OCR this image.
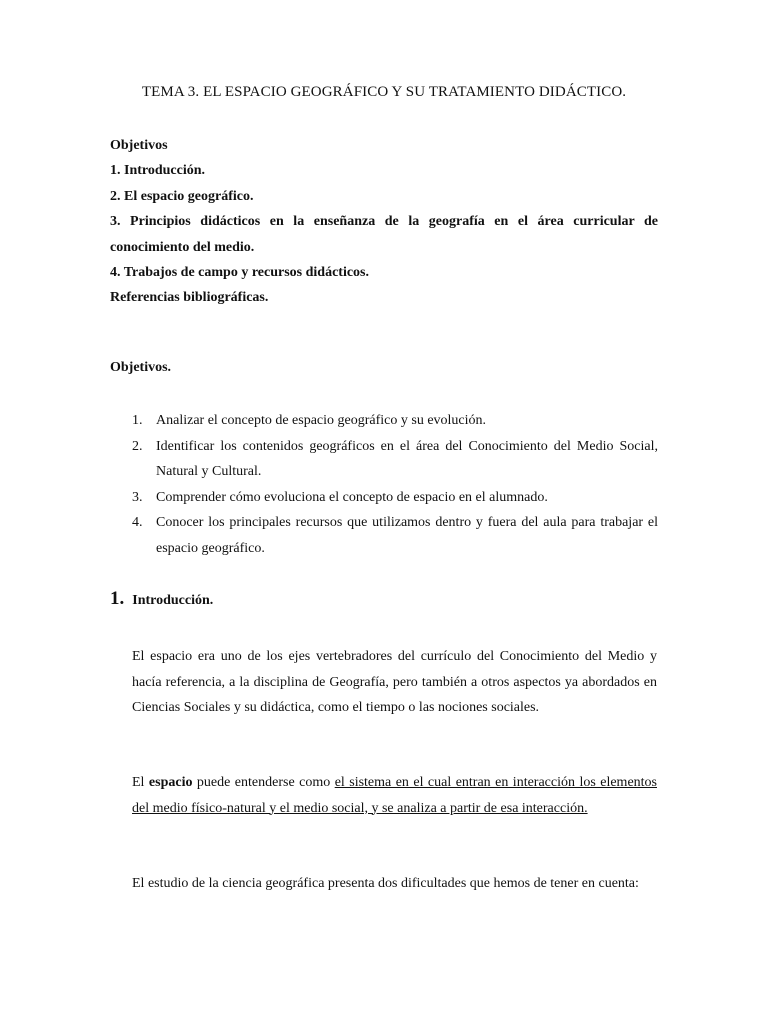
TEMA 3. EL ESPACIO GEOGRÁFICO Y SU TRATAMIENTO DIDÁCTICO.
Objetivos
1. Introducción.
2. El espacio geográfico.
3. Principios didácticos en la enseñanza de la geografía en el área curricular de
conocimiento del medio.
4. Trabajos de campo y recursos didácticos.
Referencias bibliográficas.
Objetivos.
1. Analizar el concepto de espacio geográfico y su evolución.
2. Identificar los contenidos geográficos en el área del Conocimiento del Medio Social, Natural y Cultural.
3. Comprender cómo evoluciona el concepto de espacio en el alumnado.
4. Conocer los principales recursos que utilizamos dentro y fuera del aula para trabajar el espacio geográfico.
1. Introducción.
El espacio era uno de los ejes vertebradores del currículo del Conocimiento del Medio y hacía referencia, a la disciplina de Geografía, pero también a otros aspectos ya abordados en Ciencias Sociales y su didáctica, como el tiempo o las nociones sociales.
El espacio puede entenderse como el sistema en el cual entran en interacción los elementos del medio físico-natural y el medio social, y se analiza a partir de esa interacción.
El estudio de la ciencia geográfica presenta dos dificultades que hemos de tener en cuenta:
